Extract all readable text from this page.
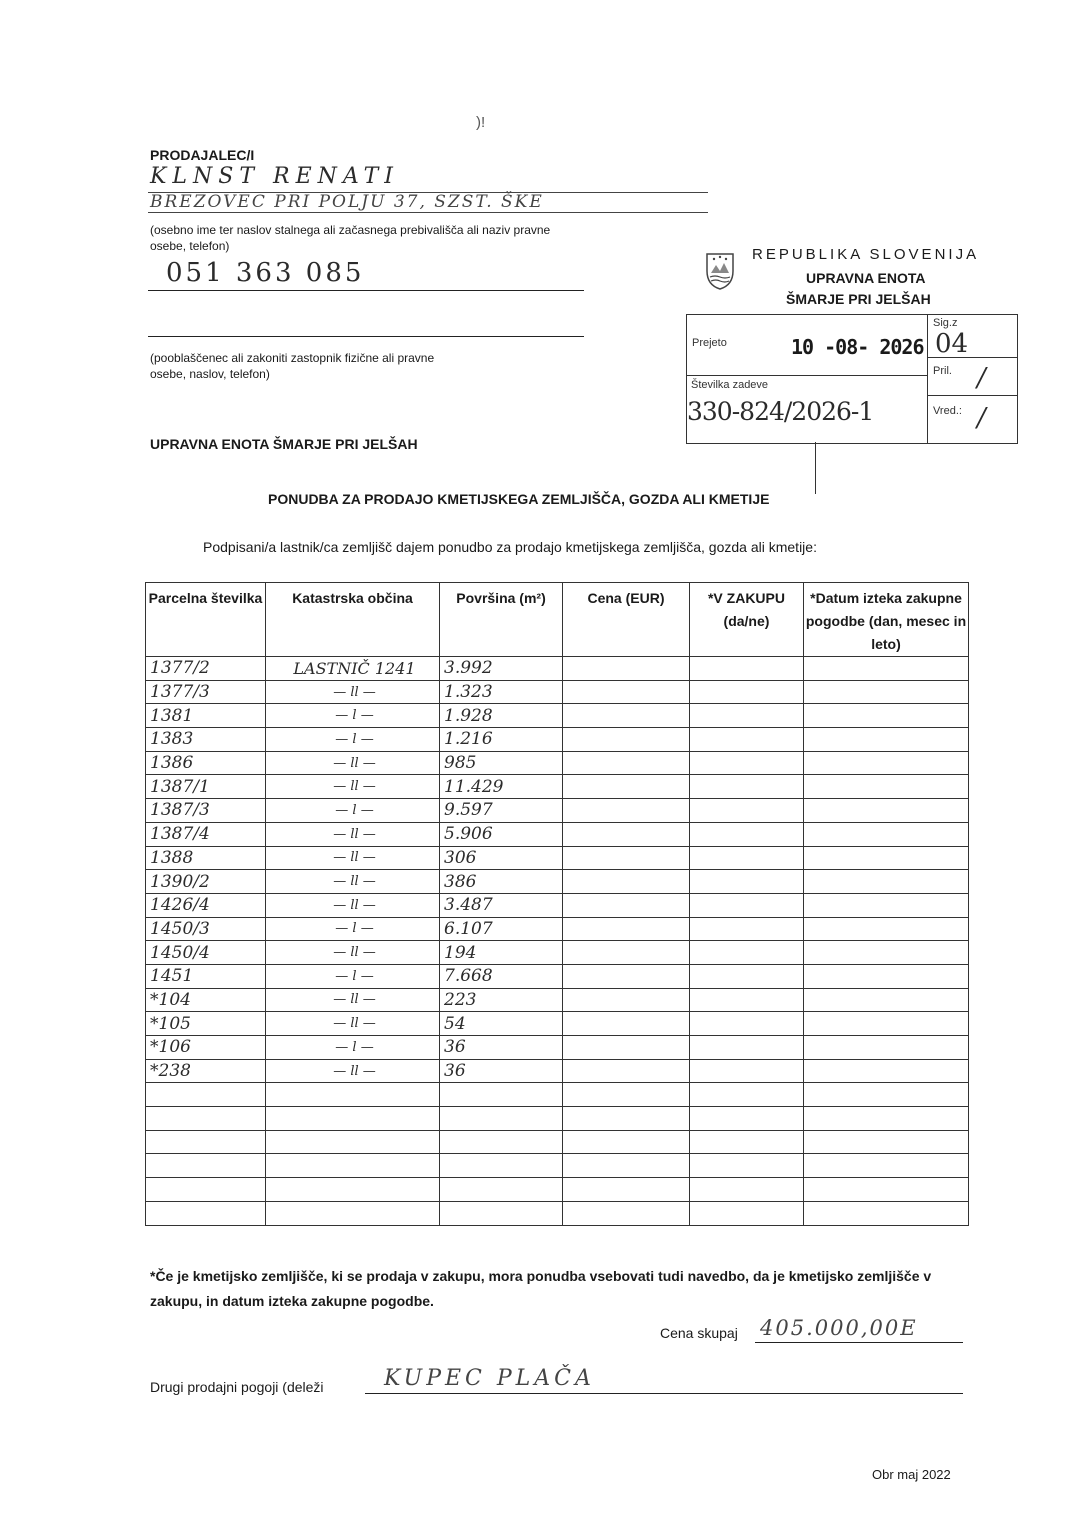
)!
PRODAJALEC/I
KLNST RENATI
BREZOVEC PRI POLJU 37, SZST. ŠKE
(osebno ime ter naslov stalnega ali začasnega prebivališča ali naziv pravne osebe, telefon)
051 363 085
(pooblaščenec ali zakoniti zastopnik fizične ali pravne osebe, naslov, telefon)
REPUBLIKA SLOVENIJA
UPRAVNA ENOTA
ŠMARJE PRI JELŠAH
Prejeto	10 -08- 2026
Sig.z
04
Številka zadeve
330-824/2026-1
Pril. /
Vred.: /
UPRAVNA ENOTA ŠMARJE PRI JELŠAH
PONUDBA ZA PRODAJO KMETIJSKEGA ZEMLJIŠČA, GOZDA ALI KMETIJE
Podpisani/a lastnik/ca zemljišč dajem ponudbo za prodajo kmetijskega zemljišča, gozda ali kmetije:
Parcelna številka	Katastrska občina	Površina (m²)	Cena (EUR)	*V ZAKUPU (da/ne)	*Datum izteka zakupne pogodbe (dan, mesec in leto)
1377/2	LASTNIČ 1241	3.992			
1377/3	— ll —	1.323			
1381	— l —	1.928			
1383	— l —	1.216			
1386	— ll —	985			
1387/1	— ll —	11.429			
1387/3	— l —	9.597			
1387/4	— ll —	5.906			
1388	— ll —	306			
1390/2	— ll —	386			
1426/4	— ll —	3.487			
1450/3	— l —	6.107			
1450/4	— ll —	194			
1451	— l —	7.668			
*104	— ll —	223			
*105	— ll —	54			
*106	— l —	36			
*238	— ll —	36			

*Če je kmetijsko zemljišče, ki se prodaja v zakupu, mora ponudba vsebovati tudi navedbo, da je kmetijsko zemljišče v zakupu, in datum izteka zakupne pogodbe.
Cena skupaj 405.000,00E
Drugi prodajni pogoji (deleži	KUPEC PLAČA
Obr maj 2022
